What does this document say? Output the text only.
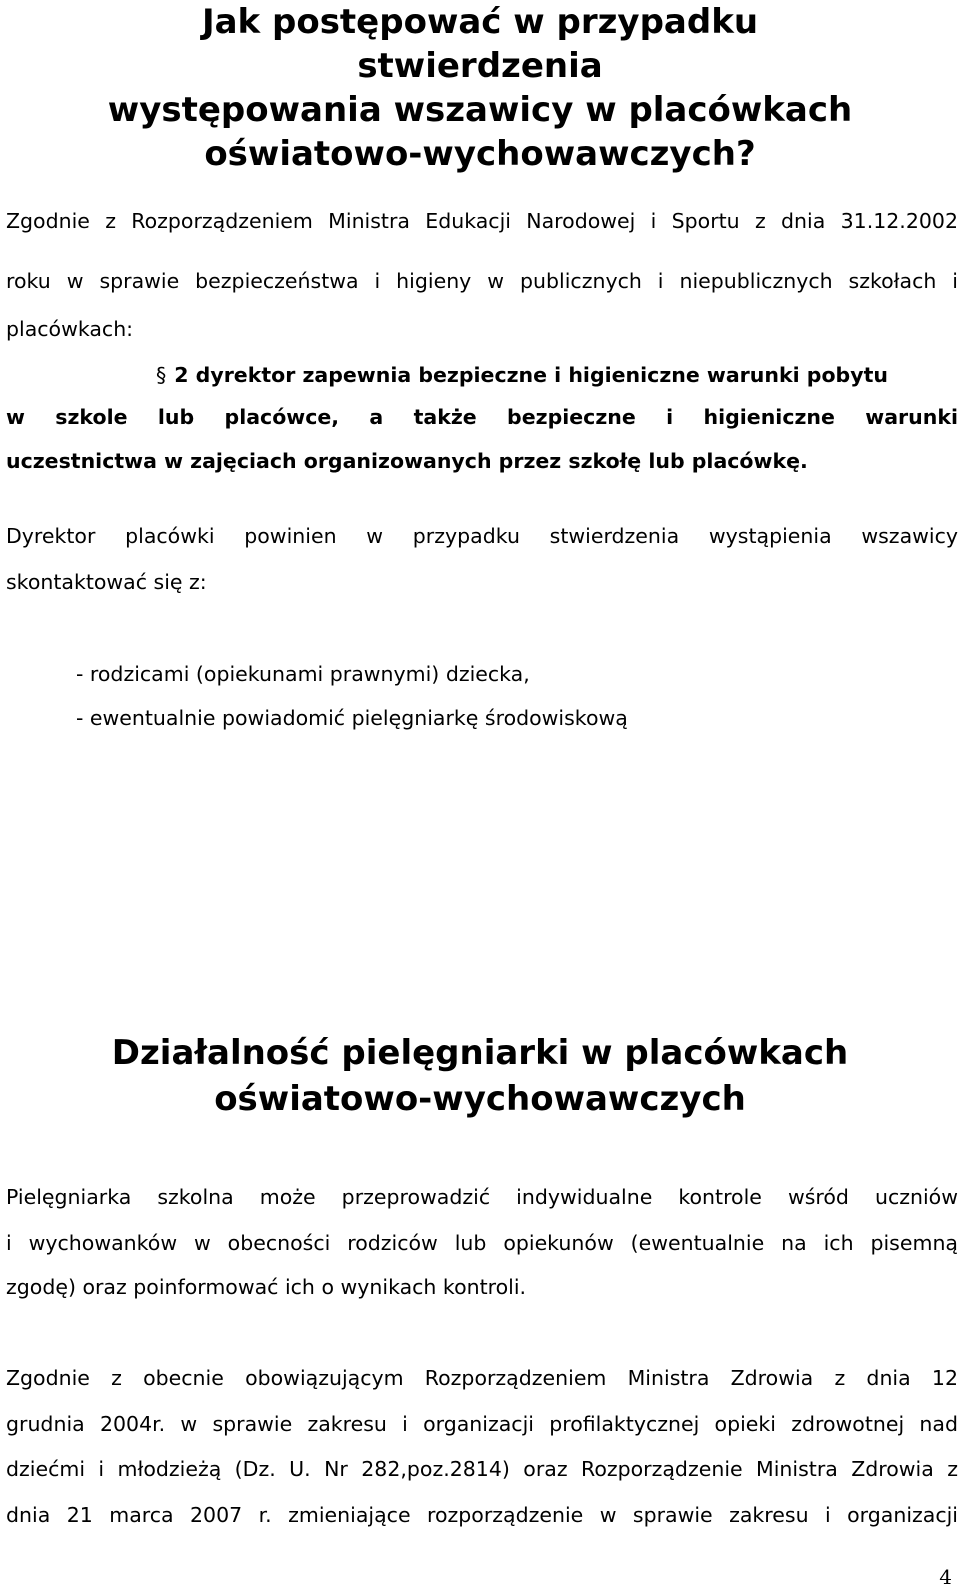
Jak postępować w przypadku stwierdzenia
występowania wszawicy w placówkach
oświatowo-wychowawczych?
Zgodnie z Rozporządzeniem Ministra Edukacji Narodowej i Sportu z dnia 31.12.2002
roku w sprawie bezpieczeństwa i higieny w publicznych i niepublicznych szkołach i
placówkach:
§ 2 dyrektor zapewnia bezpieczne i higieniczne warunki pobytu
w szkole lub placówce, a także bezpieczne i higieniczne warunki
uczestnictwa w zajęciach organizowanych przez szkołę lub placówkę.
Dyrektor placówki powinien w przypadku stwierdzenia wystąpienia wszawicy
skontaktować się z:
- rodzicami (opiekunami prawnymi) dziecka,
- ewentualnie powiadomić pielęgniarkę środowiskową
Działalność pielęgniarki w placówkach
oświatowo-wychowawczych
Pielęgniarka szkolna może przeprowadzić indywidualne kontrole wśród uczniów
i wychowanków w obecności rodziców lub opiekunów (ewentualnie na ich pisemną
zgodę) oraz poinformować ich o wynikach kontroli.
Zgodnie z obecnie obowiązującym Rozporządzeniem Ministra Zdrowia z dnia 12
grudnia 2004r. w sprawie zakresu i organizacji profilaktycznej opieki zdrowotnej nad
dziećmi i młodzieżą (Dz. U. Nr 282,poz.2814) oraz Rozporządzenie Ministra Zdrowia z
dnia 21 marca 2007 r. zmieniające rozporządzenie w sprawie zakresu i organizacji
4
